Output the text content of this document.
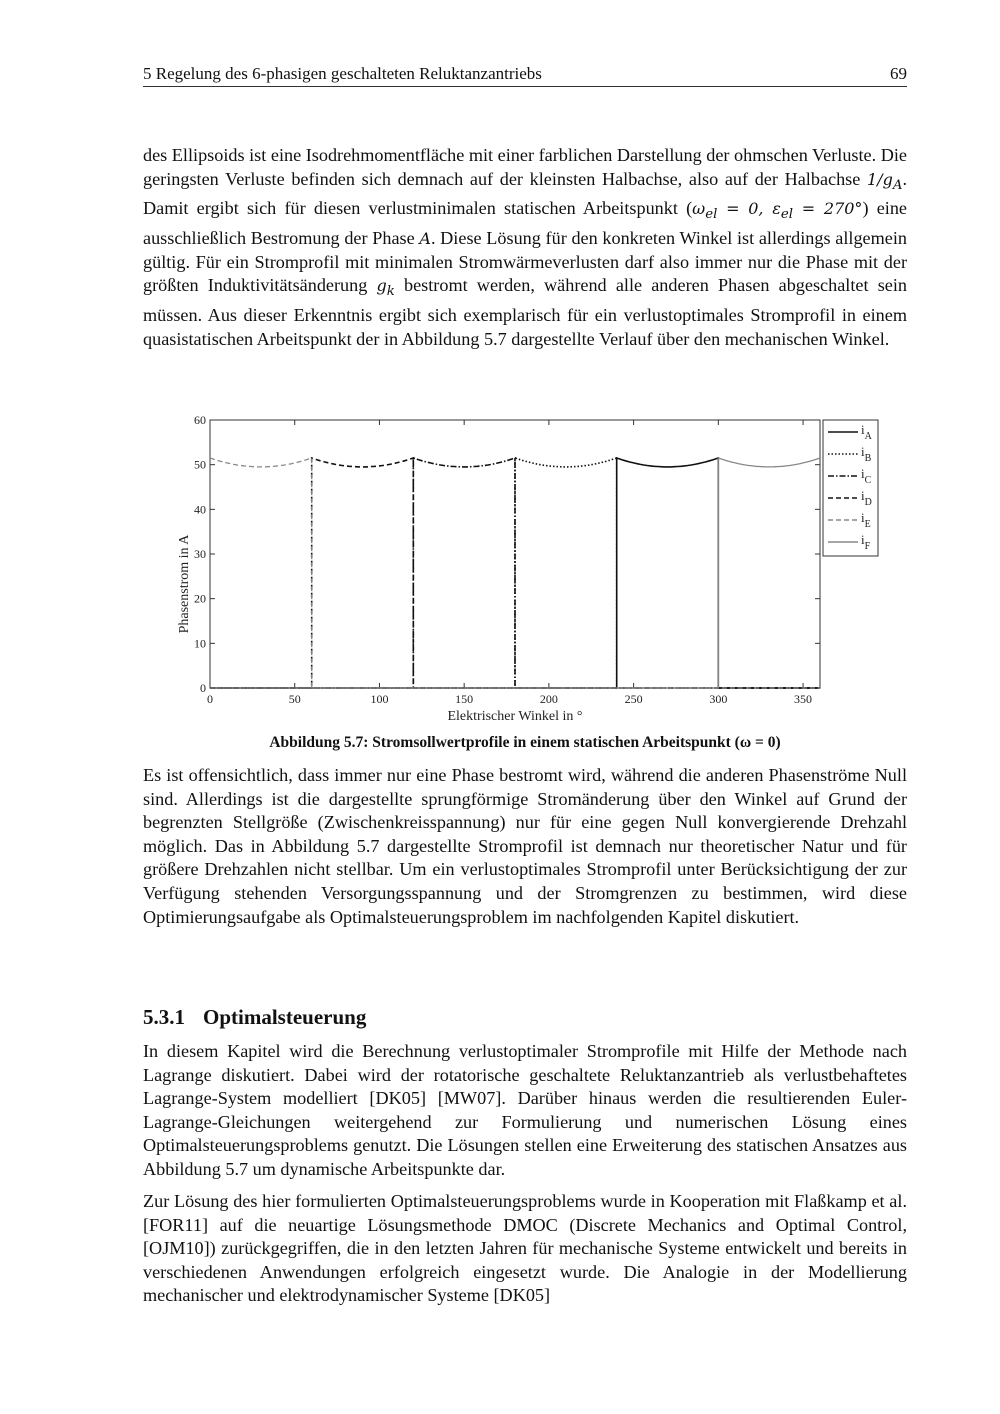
5 Regelung des 6-phasigen geschalteten Reluktanzantriebs	69
des Ellipsoids ist eine Isodrehmomentfläche mit einer farblichen Darstellung der ohmschen Verluste. Die geringsten Verluste befinden sich demnach auf der kleinsten Halbachse, also auf der Halbachse $1/g_A$. Damit ergibt sich für diesen verlustminimalen statischen Arbeitspunkt ($\omega_{el} = 0$, $\varepsilon_{el} = 270^\circ$) eine ausschließlich Bestromung der Phase A. Diese Lösung für den konkreten Winkel ist allerdings allgemein gültig. Für ein Stromprofil mit minimalen Stromwärmeverlusten darf also immer nur die Phase mit der größten Induktivitätsänderung $g_k$ bestromt werden, während alle anderen Phasen abgeschaltet sein müssen. Aus dieser Erkenntnis ergibt sich exemplarisch für ein verlustoptimales Stromprofil in einem quasistatischen Arbeitspunkt der in Abbildung 5.7 dargestellte Verlauf über den mechanischen Winkel.
0
10
20
30
40
50
60
0	50	100	150	200	250	300	350
Elektrischer Winkel in °
Phasenstrom in A
$i_A$
$i_B$
$i_C$
$i_D$
$i_E$
$i_F$
Abbildung 5.7: Stromsollwertprofile in einem statischen Arbeitspunkt (ω = 0)
Es ist offensichtlich, dass immer nur eine Phase bestromt wird, während die anderen Phasenströme Null sind. Allerdings ist die dargestellte sprungförmige Stromänderung über den Winkel auf Grund der begrenzten Stellgröße (Zwischenkreisspannung) nur für eine gegen Null konvergierende Drehzahl möglich. Das in Abbildung 5.7 dargestellte Stromprofil ist demnach nur theoretischer Natur und für größere Drehzahlen nicht stellbar. Um ein verlustoptimales Stromprofil unter Berücksichtigung der zur Verfügung stehenden Versorgungsspannung und der Stromgrenzen zu bestimmen, wird diese Optimierungsaufgabe als Optimalsteuerungsproblem im nachfolgenden Kapitel diskutiert.
5.3.1 Optimalsteuerung
In diesem Kapitel wird die Berechnung verlustoptimaler Stromprofile mit Hilfe der Methode nach Lagrange diskutiert. Dabei wird der rotatorische geschaltete Reluktanzantrieb als verlustbehaftetes Lagrange-System modelliert [DK05] [MW07]. Darüber hinaus werden die resultierenden Euler-Lagrange-Gleichungen weitergehend zur Formulierung und numerischen Lösung eines Optimalsteuerungsproblems genutzt. Die Lösungen stellen eine Erweiterung des statischen Ansatzes aus Abbildung 5.7 um dynamische Arbeitspunkte dar.
Zur Lösung des hier formulierten Optimalsteuerungsproblems wurde in Kooperation mit Flaßkamp et al. [FOR11] auf die neuartige Lösungsmethode DMOC (Discrete Mechanics and Optimal Control, [OJM10]) zurückgegriffen, die in den letzten Jahren für mechanische Systeme entwickelt und bereits in verschiedenen Anwendungen erfolgreich eingesetzt wurde. Die Analogie in der Modellierung mechanischer und elektrodynamischer Systeme [DK05]
